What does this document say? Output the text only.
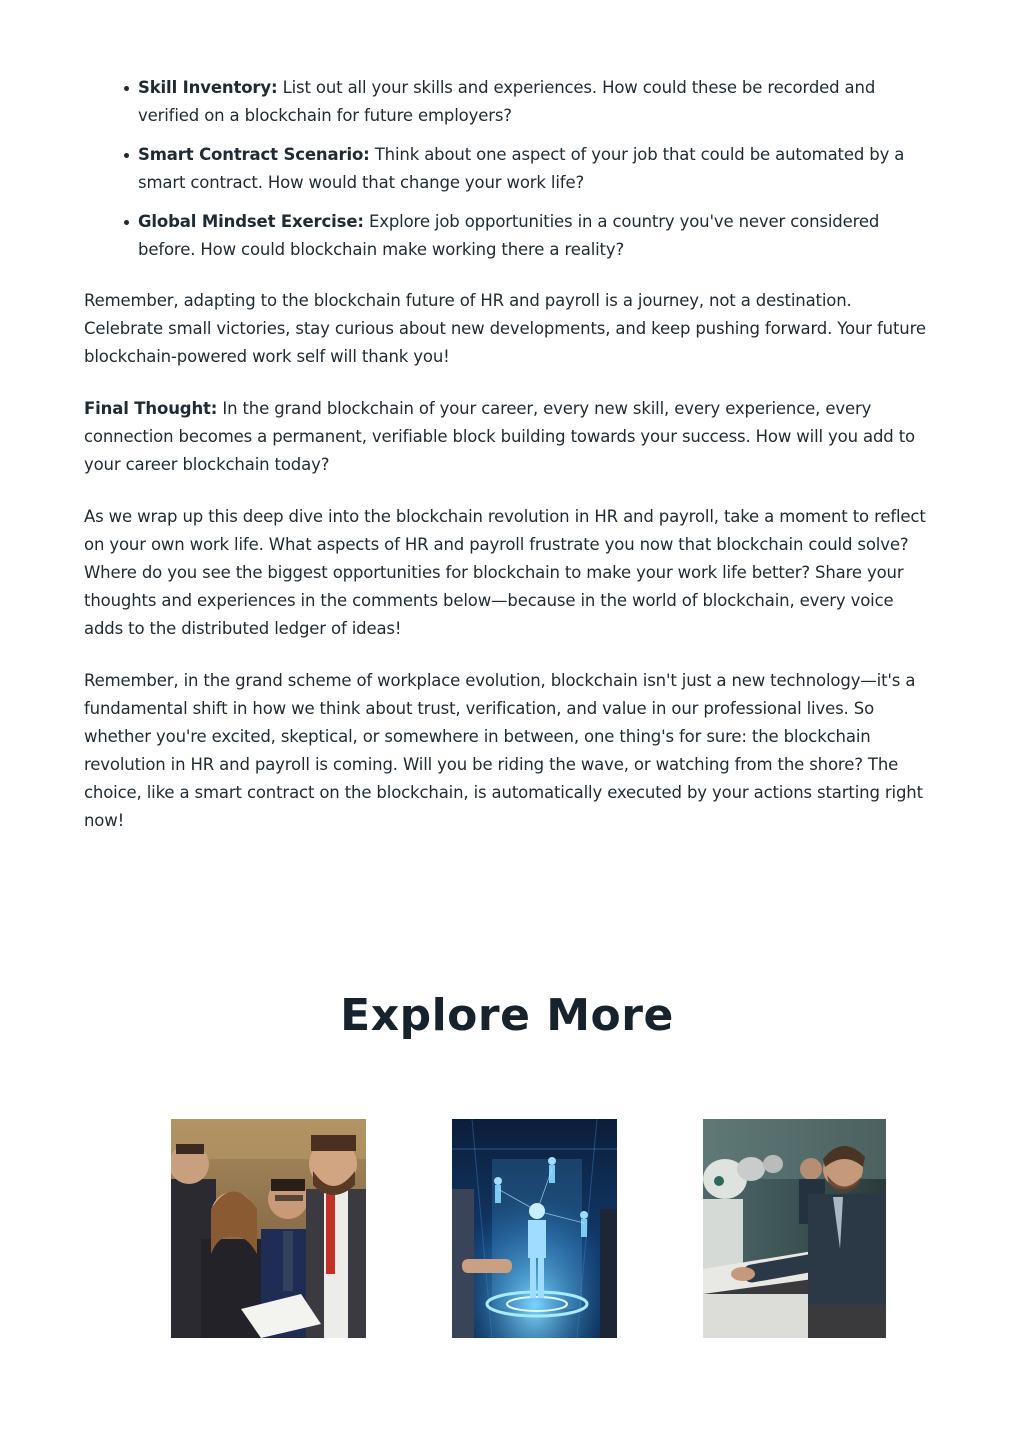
Skill Inventory: List out all your skills and experiences. How could these be recorded and verified on a blockchain for future employers?
Smart Contract Scenario: Think about one aspect of your job that could be automated by a smart contract. How would that change your work life?
Global Mindset Exercise: Explore job opportunities in a country you've never considered before. How could blockchain make working there a reality?

Remember, adapting to the blockchain future of HR and payroll is a journey, not a destination. Celebrate small victories, stay curious about new developments, and keep pushing forward. Your future blockchain-powered work self will thank you!

Final Thought: In the grand blockchain of your career, every new skill, every experience, every connection becomes a permanent, verifiable block building towards your success. How will you add to your career blockchain today?

As we wrap up this deep dive into the blockchain revolution in HR and payroll, take a moment to reflect on your own work life. What aspects of HR and payroll frustrate you now that blockchain could solve? Where do you see the biggest opportunities for blockchain to make your work life better? Share your thoughts and experiences in the comments below—because in the world of blockchain, every voice adds to the distributed ledger of ideas!

Remember, in the grand scheme of workplace evolution, blockchain isn't just a new technology—it's a fundamental shift in how we think about trust, verification, and value in our professional lives. So whether you're excited, skeptical, or somewhere in between, one thing's for sure: the blockchain revolution in HR and payroll is coming. Will you be riding the wave, or watching from the shore? The choice, like a smart contract on the blockchain, is automatically executed by your actions starting right now!

Explore More
